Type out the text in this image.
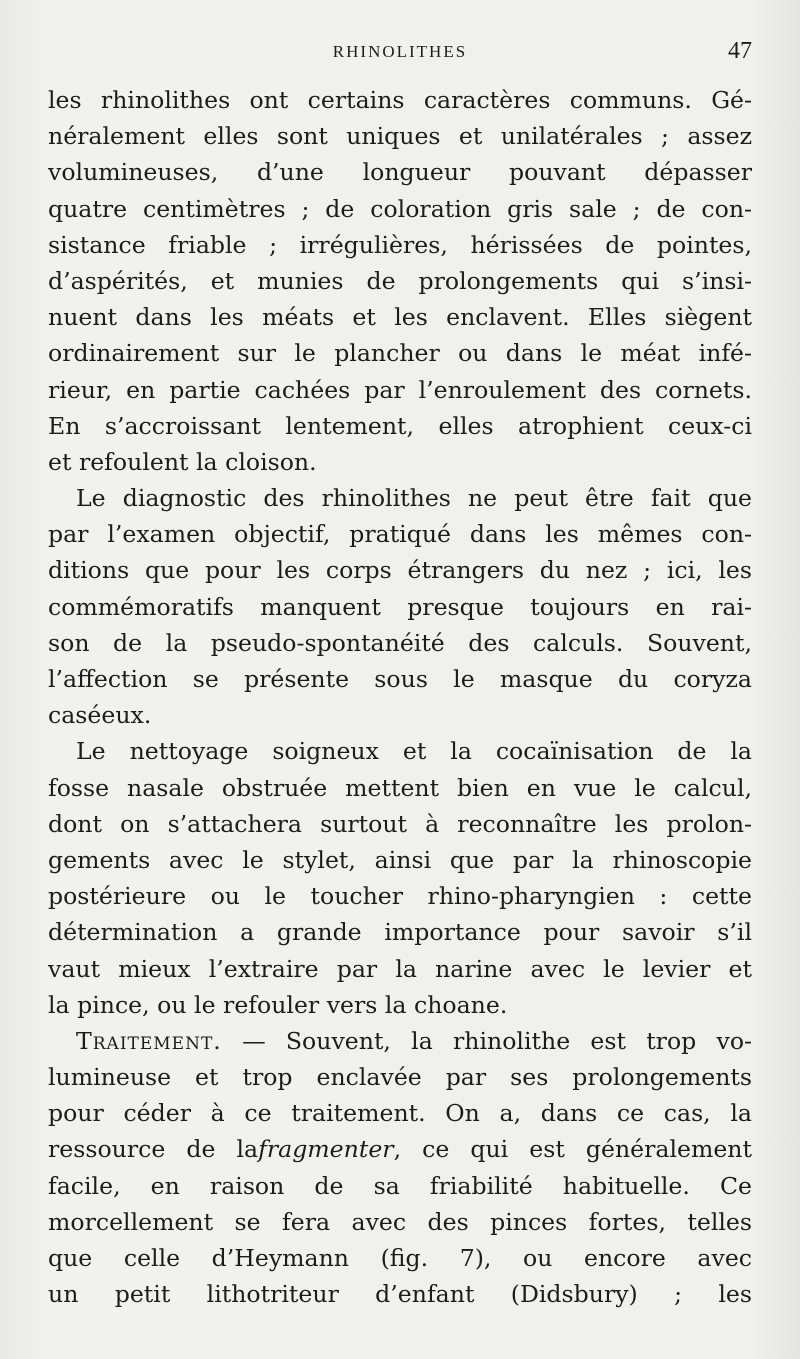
RHINOLITHES	47
les rhinolithes ont certains caractères communs. Gé-
néralement elles sont uniques et unilatérales ; assez
volumineuses, d’une longueur pouvant dépasser
quatre centimètres ; de coloration gris sale ; de con-
sistance friable ; irrégulières, hérissées de pointes,
d’aspérités, et munies de prolongements qui s’insi-
nuent dans les méats et les enclavent. Elles siègent
ordinairement sur le plancher ou dans le méat infé-
rieur, en partie cachées par l’enroulement des cornets.
En s’accroissant lentement, elles atrophient ceux-ci
et refoulent la cloison.
Le diagnostic des rhinolithes ne peut être fait que
par l’examen objectif, pratiqué dans les mêmes con-
ditions que pour les corps étrangers du nez ; ici, les
commémoratifs manquent presque toujours en rai-
son de la pseudo-spontanéité des calculs. Souvent,
l’affection se présente sous le masque du coryza
caséeux.
Le nettoyage soigneux et la cocaïnisation de la
fosse nasale obstruée mettent bien en vue le calcul,
dont on s’attachera surtout à reconnaître les prolon-
gements avec le stylet, ainsi que par la rhinoscopie
postérieure ou le toucher rhino-pharyngien : cette
détermination a grande importance pour savoir s’il
vaut mieux l’extraire par la narine avec le levier et
la pince, ou le refouler vers la choane.
Traitement. — Souvent, la rhinolithe est trop vo-
lumineuse et trop enclavée par ses prolongements
pour céder à ce traitement. On a, dans ce cas, la
ressource de lafragmenter, ce qui est généralement
facile, en raison de sa friabilité habituelle. Ce
morcellement se fera avec des pinces fortes, telles
que celle d’Heymann (fig. 7), ou encore avec
un petit lithotriteur d’enfant (Didsbury) ; les
